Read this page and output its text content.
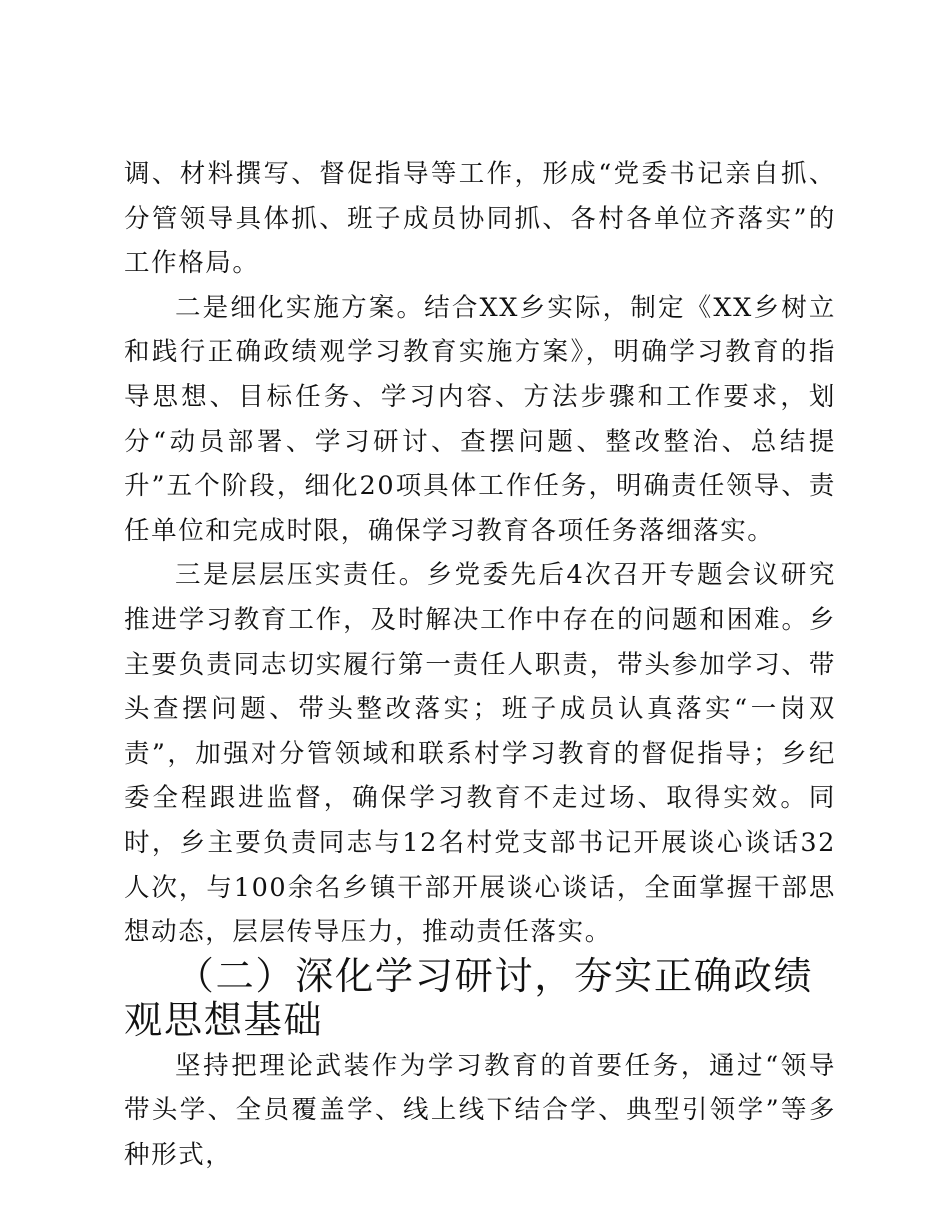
调、材料撰写、督促指导等工作，形成“党委书记亲自抓、分管领导具体抓、班子成员协同抓、各村各单位齐落实”的工作格局。

二是细化实施方案。结合XX乡实际，制定《XX乡树立和践行正确政绩观学习教育实施方案》，明确学习教育的指导思想、目标任务、学习内容、方法步骤和工作要求，划分“动员部署、学习研讨、查摆问题、整改整治、总结提升”五个阶段，细化20项具体工作任务，明确责任领导、责任单位和完成时限，确保学习教育各项任务落细落实。

三是层层压实责任。乡党委先后4次召开专题会议研究推进学习教育工作，及时解决工作中存在的问题和困难。乡主要负责同志切实履行第一责任人职责，带头参加学习、带头查摆问题、带头整改落实；班子成员认真落实“一岗双责”，加强对分管领域和联系村学习教育的督促指导；乡纪委全程跟进监督，确保学习教育不走过场、取得实效。同时，乡主要负责同志与12名村党支部书记开展谈心谈话32人次，与100余名乡镇干部开展谈心谈话，全面掌握干部思想动态，层层传导压力，推动责任落实。

（二）深化学习研讨，夯实正确政绩观思想基础

坚持把理论武装作为学习教育的首要任务，通过“领导带头学、全员覆盖学、线上线下结合学、典型引领学”等多种形式，
